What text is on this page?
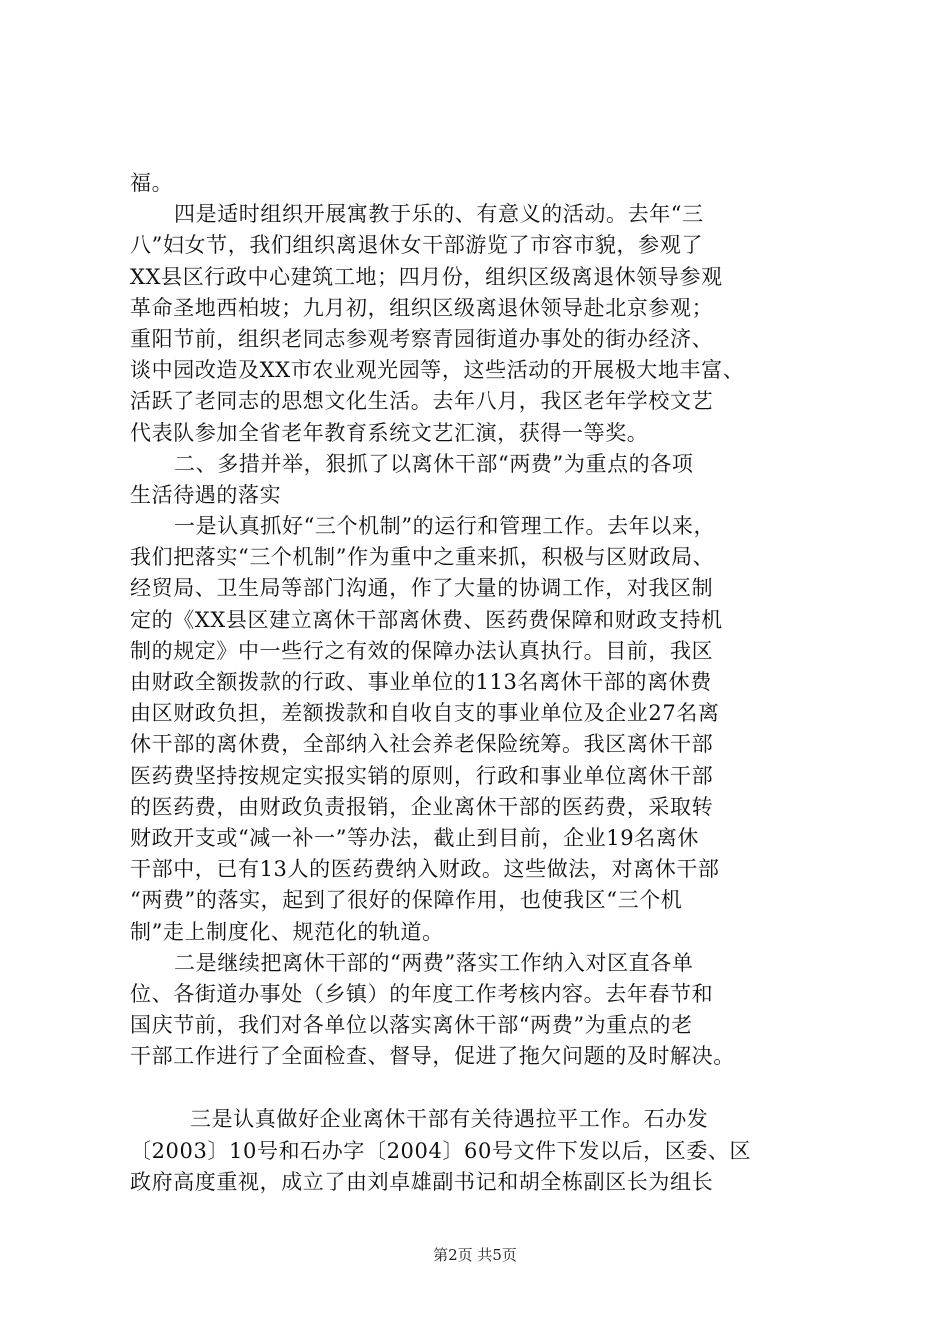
福。
四是适时组织开展寓教于乐的、有意义的活动。去年“三
八”妇女节，我们组织离退休女干部游览了市容市貌，参观了
XX县区行政中心建筑工地；四月份，组织区级离退休领导参观
革命圣地西柏坡；九月初，组织区级离退休领导赴北京参观；
重阳节前，组织老同志参观考察青园街道办事处的街办经济、
谈中园改造及XX市农业观光园等，这些活动的开展极大地丰富、
活跃了老同志的思想文化生活。去年八月，我区老年学校文艺
代表队参加全省老年教育系统文艺汇演，获得一等奖。
二、多措并举，狠抓了以离休干部“两费”为重点的各项
生活待遇的落实
一是认真抓好“三个机制”的运行和管理工作。去年以来，
我们把落实“三个机制”作为重中之重来抓，积极与区财政局、
经贸局、卫生局等部门沟通，作了大量的协调工作，对我区制
定的《XX县区建立离休干部离休费、医药费保障和财政支持机
制的规定》中一些行之有效的保障办法认真执行。目前，我区
由财政全额拨款的行政、事业单位的113名离休干部的离休费
由区财政负担，差额拨款和自收自支的事业单位及企业27名离
休干部的离休费，全部纳入社会养老保险统筹。我区离休干部
医药费坚持按规定实报实销的原则，行政和事业单位离休干部
的医药费，由财政负责报销，企业离休干部的医药费，采取转
财政开支或“减一补一”等办法，截止到目前，企业19名离休
干部中，已有13人的医药费纳入财政。这些做法，对离休干部
“两费”的落实，起到了很好的保障作用，也使我区“三个机
制”走上制度化、规范化的轨道。
二是继续把离休干部的“两费”落实工作纳入对区直各单
位、各街道办事处（乡镇）的年度工作考核内容。去年春节和
国庆节前，我们对各单位以落实离休干部“两费”为重点的老
干部工作进行了全面检查、督导，促进了拖欠问题的及时解决。
三是认真做好企业离休干部有关待遇拉平工作。石办发
〔2003〕10号和石办字〔2004〕60号文件下发以后，区委、区
政府高度重视，成立了由刘卓雄副书记和胡全栋副区长为组长
第2页 共5页
